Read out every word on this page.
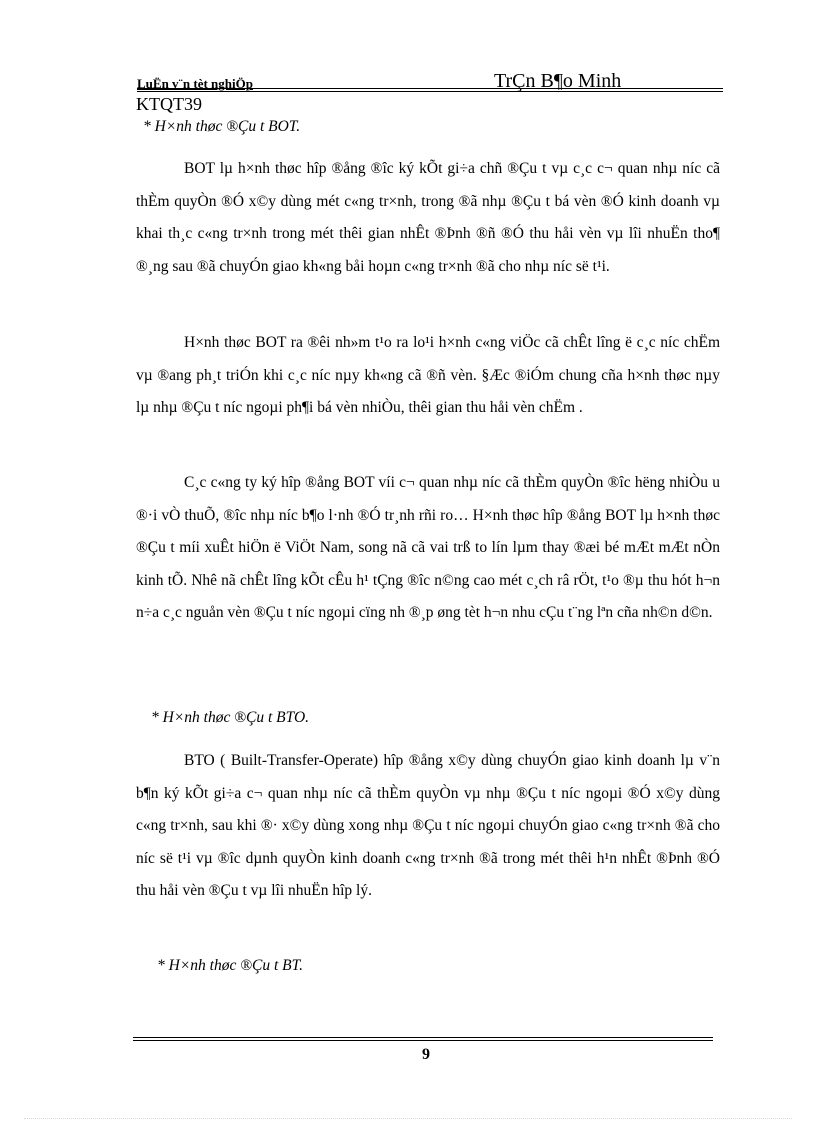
LuËn v¨n tèt nghiÖp	TrÇn B¶o Minh
KTQT39

* H×nh thøc ®Çu t BOT.

BOT lµ h×nh thøc hîp ®ång ®îc ký kÕt gi÷a chñ ®Çu t vµ c¸c c¬ quan nhµ níc cã thÈm quyÒn ®Ó x©y dùng mét c«ng tr×nh, trong ®ã nhµ ®Çu t bá vèn ®Ó kinh doanh vµ khai th¸c c«ng tr×nh trong mét thêi gian nhÊt ®Þnh ®ñ ®Ó thu håi vèn vµ lîi nhuËn tho¶ ®¸ng sau ®ã chuyÓn giao kh«ng båi hoµn c«ng tr×nh ®ã cho nhµ níc së t¹i.

H×nh thøc BOT ra ®êi nh»m t¹o ra lo¹i h×nh c«ng viÖc cã chÊt lîng ë c¸c níc chËm vµ ®ang ph¸t triÓn khi c¸c níc nµy kh«ng cã ®ñ vèn. §Æc ®iÓm chung cña h×nh thøc nµy lµ nhµ ®Çu t níc ngoµi ph¶i bá vèn nhiÒu, thêi gian thu håi vèn chËm .

C¸c c«ng ty ký hîp ®ång BOT víi c¬ quan nhµ níc cã thÈm quyÒn ®îc hëng nhiÒu u ®·i vÒ thuÕ, ®îc nhµ níc b¶o l·nh ®Ó tr¸nh rñi ro… H×nh thøc hîp ®ång BOT lµ h×nh thøc ®Çu t míi xuÊt hiÖn ë ViÖt Nam, song nã cã vai trß to lín lµm thay ®æi bé mÆt mÆt nÒn kinh tÕ. Nhê nã chÊt lîng kÕt cÊu h¹ tÇng ®îc n©ng cao mét c¸ch râ rÖt, t¹o ®µ thu hót h¬n n÷a c¸c nguån vèn ®Çu t níc ngoµi cïng nh ®¸p øng tèt h¬n nhu cÇu t¨ng lªn cña nh©n d©n.

* H×nh thøc ®Çu t BTO.

BTO ( Built-Transfer-Operate) hîp ®ång x©y dùng chuyÓn giao kinh doanh lµ v¨n b¶n ký kÕt gi÷a c¬ quan nhµ níc cã thÈm quyÒn vµ nhµ ®Çu t níc ngoµi ®Ó x©y dùng c«ng tr×nh, sau khi ®· x©y dùng xong nhµ ®Çu t níc ngoµi chuyÓn giao c«ng tr×nh ®ã cho níc së t¹i vµ ®îc dµnh quyÒn kinh doanh c«ng tr×nh ®ã trong mét thêi h¹n nhÊt ®Þnh ®Ó thu håi vèn ®Çu t vµ lîi nhuËn hîp lý.

* H×nh thøc ®Çu t BT.

9
